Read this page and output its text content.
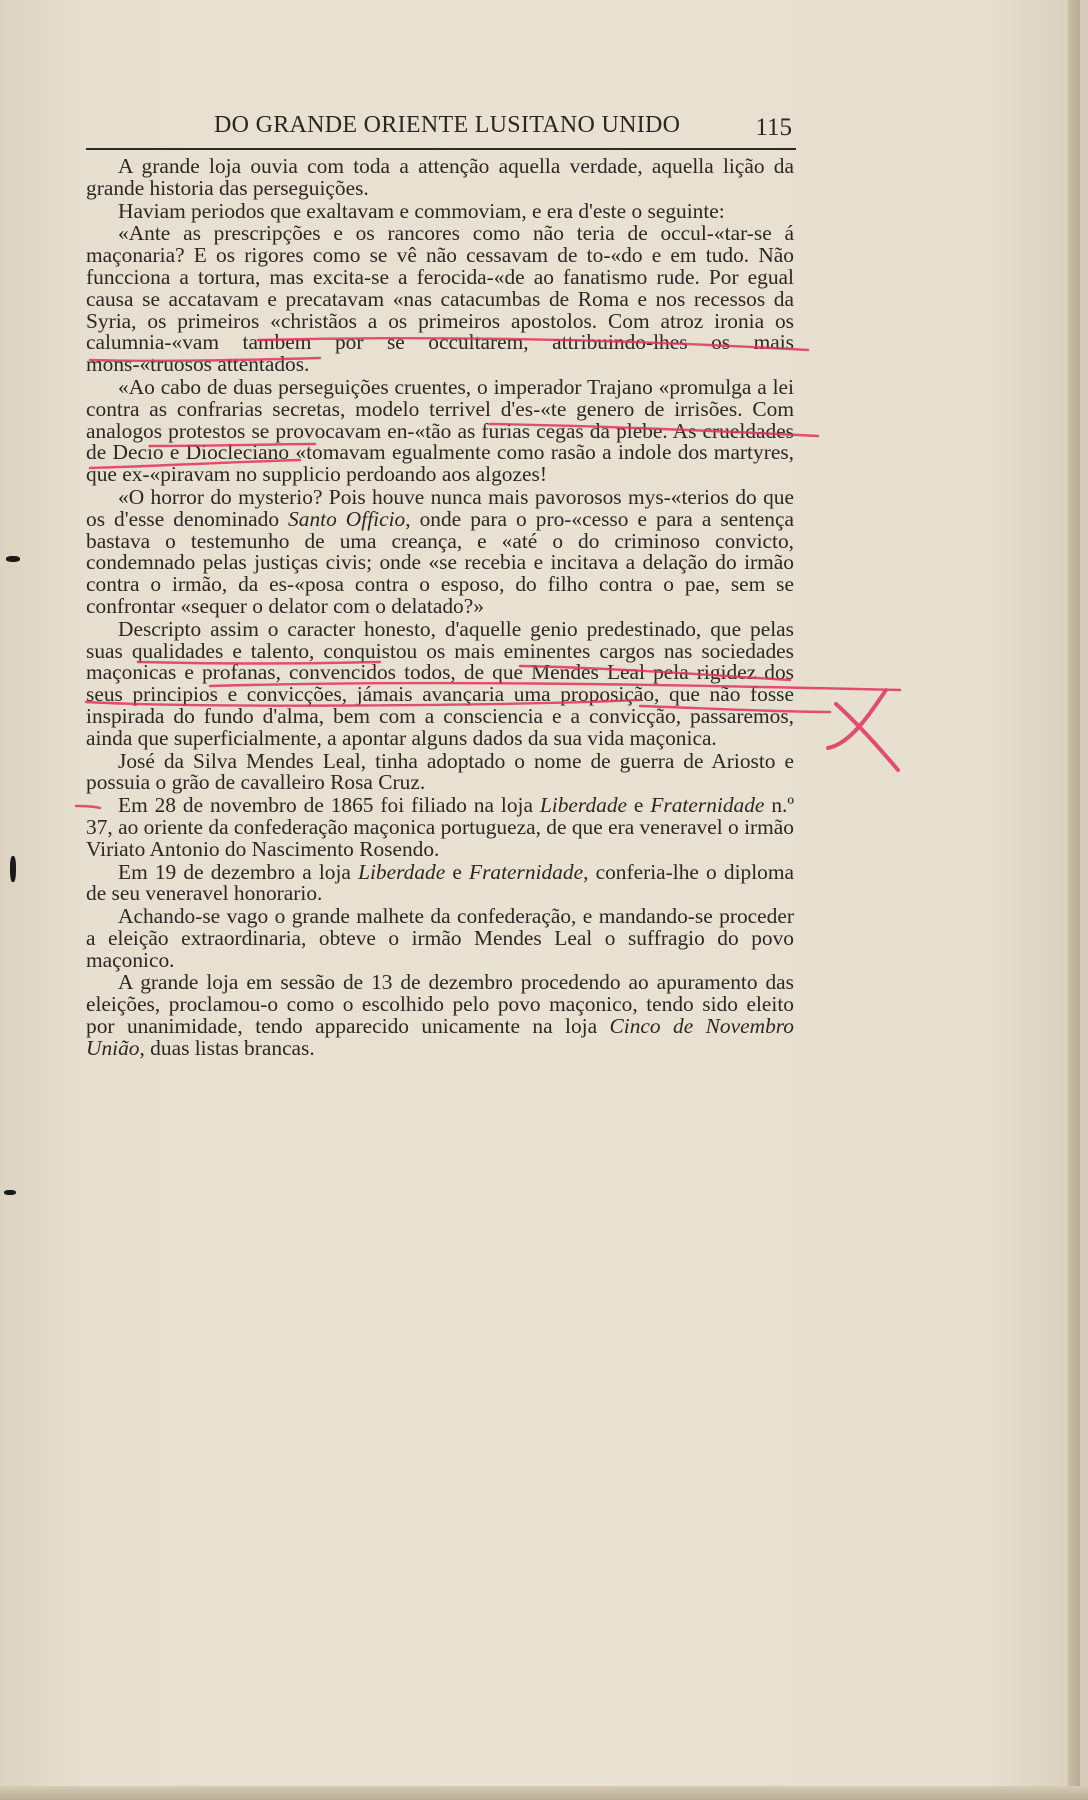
DO GRANDE ORIENTE LUSITANO UNIDO	115

A grande loja ouvia com toda a attenção aquella verdade, aquella lição da grande historia das perseguições.

Haviam periodos que exaltavam e commoviam, e era d'este o seguinte:

«Ante as prescripções e os rancores como não teria de occul-«tar-se á maçonaria? E os rigores como se vê não cessavam de to-«do e em tudo. Não funcciona a tortura, mas excita-se a ferocida-«de ao fanatismo rude. Por egual causa se accatavam e precatavam «nas catacumbas de Roma e nos recessos da Syria, os primeiros «christãos a os primeiros apostolos. Com atroz ironia os calumnia-«vam tambem por se occultarem, attribuindo-lhes os mais mons-«truosos attentados.

«Ao cabo de duas perseguições cruentes, o imperador Trajano «promulga a lei contra as confrarias secretas, modelo terrivel d'es-«te genero de irrisões. Com analogos protestos se provocavam en-«tão as furias cegas da plebe. As crueldades de Decio e Diocleciano «tomavam egualmente como rasão a indole dos martyres, que ex-«piravam no supplicio perdoando aos algozes!

«O horror do mysterio? Pois houve nunca mais pavorosos mys-«terios do que os d'esse denominado Santo Officio, onde para o pro-«cesso e para a sentença bastava o testemunho de uma creança, e «até o do criminoso convicto, condemnado pelas justiças civis; onde «se recebia e incitava a delação do irmão contra o irmão, da es-«posa contra o esposo, do filho contra o pae, sem se confrontar «sequer o delator com o delatado?»

Descripto assim o caracter honesto, d'aquelle genio predestinado, que pelas suas qualidades e talento, conquistou os mais eminentes cargos nas sociedades maçonicas e profanas, convencidos todos, de que Mendes Leal pela rigidez dos seus principios e convicções, jámais avançaria uma proposição, que não fosse inspirada do fundo d'alma, bem com a consciencia e a convicção, passaremos, ainda que superficialmente, a apontar alguns dados da sua vida maçonica.

José da Silva Mendes Leal, tinha adoptado o nome de guerra de Ariosto e possuia o grão de cavalleiro Rosa Cruz.

Em 28 de novembro de 1865 foi filiado na loja Liberdade e Fraternidade n.º 37, ao oriente da confederação maçonica portugueza, de que era veneravel o irmão Viriato Antonio do Nascimento Rosendo.

Em 19 de dezembro a loja Liberdade e Fraternidade, conferia-lhe o diploma de seu veneravel honorario.

Achando-se vago o grande malhete da confederação, e mandando-se proceder a eleição extraordinaria, obteve o irmão Mendes Leal o suffragio do povo maçonico.

A grande loja em sessão de 13 de dezembro procedendo ao apuramento das eleições, proclamou-o como o escolhido pelo povo maçonico, tendo sido eleito por unanimidade, tendo apparecido unicamente na loja Cinco de Novembro União, duas listas brancas.
